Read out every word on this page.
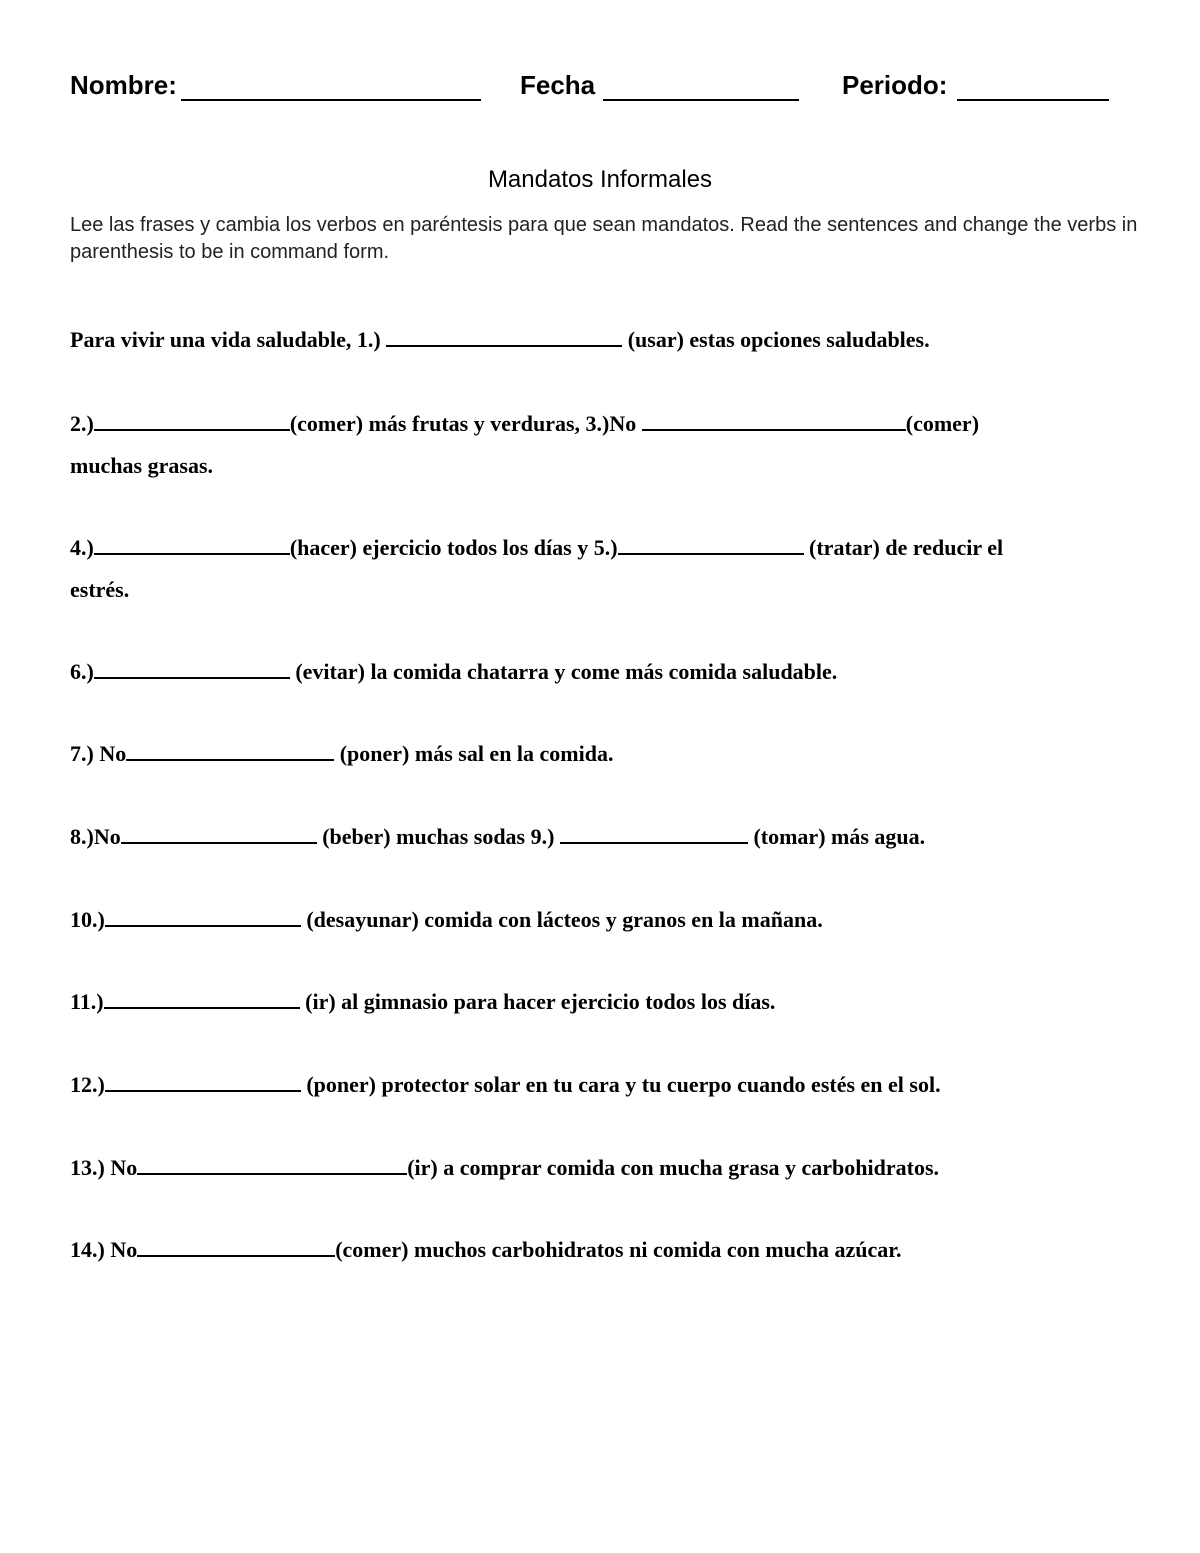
Nombre:	Fecha	Periodo:
Mandatos Informales
Lee las frases y cambia los verbos en paréntesis para que sean mandatos. Read the sentences and change the verbs in parenthesis to be in command form.
Para vivir una vida saludable, 1.)	(usar) estas opciones saludables.
2.)	(comer) más frutas y verduras, 3.)No	(comer)
muchas grasas.
4.)	(hacer) ejercicio todos los días y 5.)	(tratar) de reducir el
estrés.
6.)	(evitar) la comida chatarra y come más comida saludable.
7.) No	(poner) más sal en la comida.
8.)No	(beber) muchas sodas 9.)	(tomar) más agua.
10.)	(desayunar) comida con lácteos y granos en la mañana.
11.)	(ir) al gimnasio para hacer ejercicio todos los días.
12.)	(poner) protector solar en tu cara y tu cuerpo cuando estés en el sol.
13.) No	(ir) a comprar comida con mucha grasa y carbohidratos.
14.) No	(comer) muchos carbohidratos ni comida con mucha azúcar.
